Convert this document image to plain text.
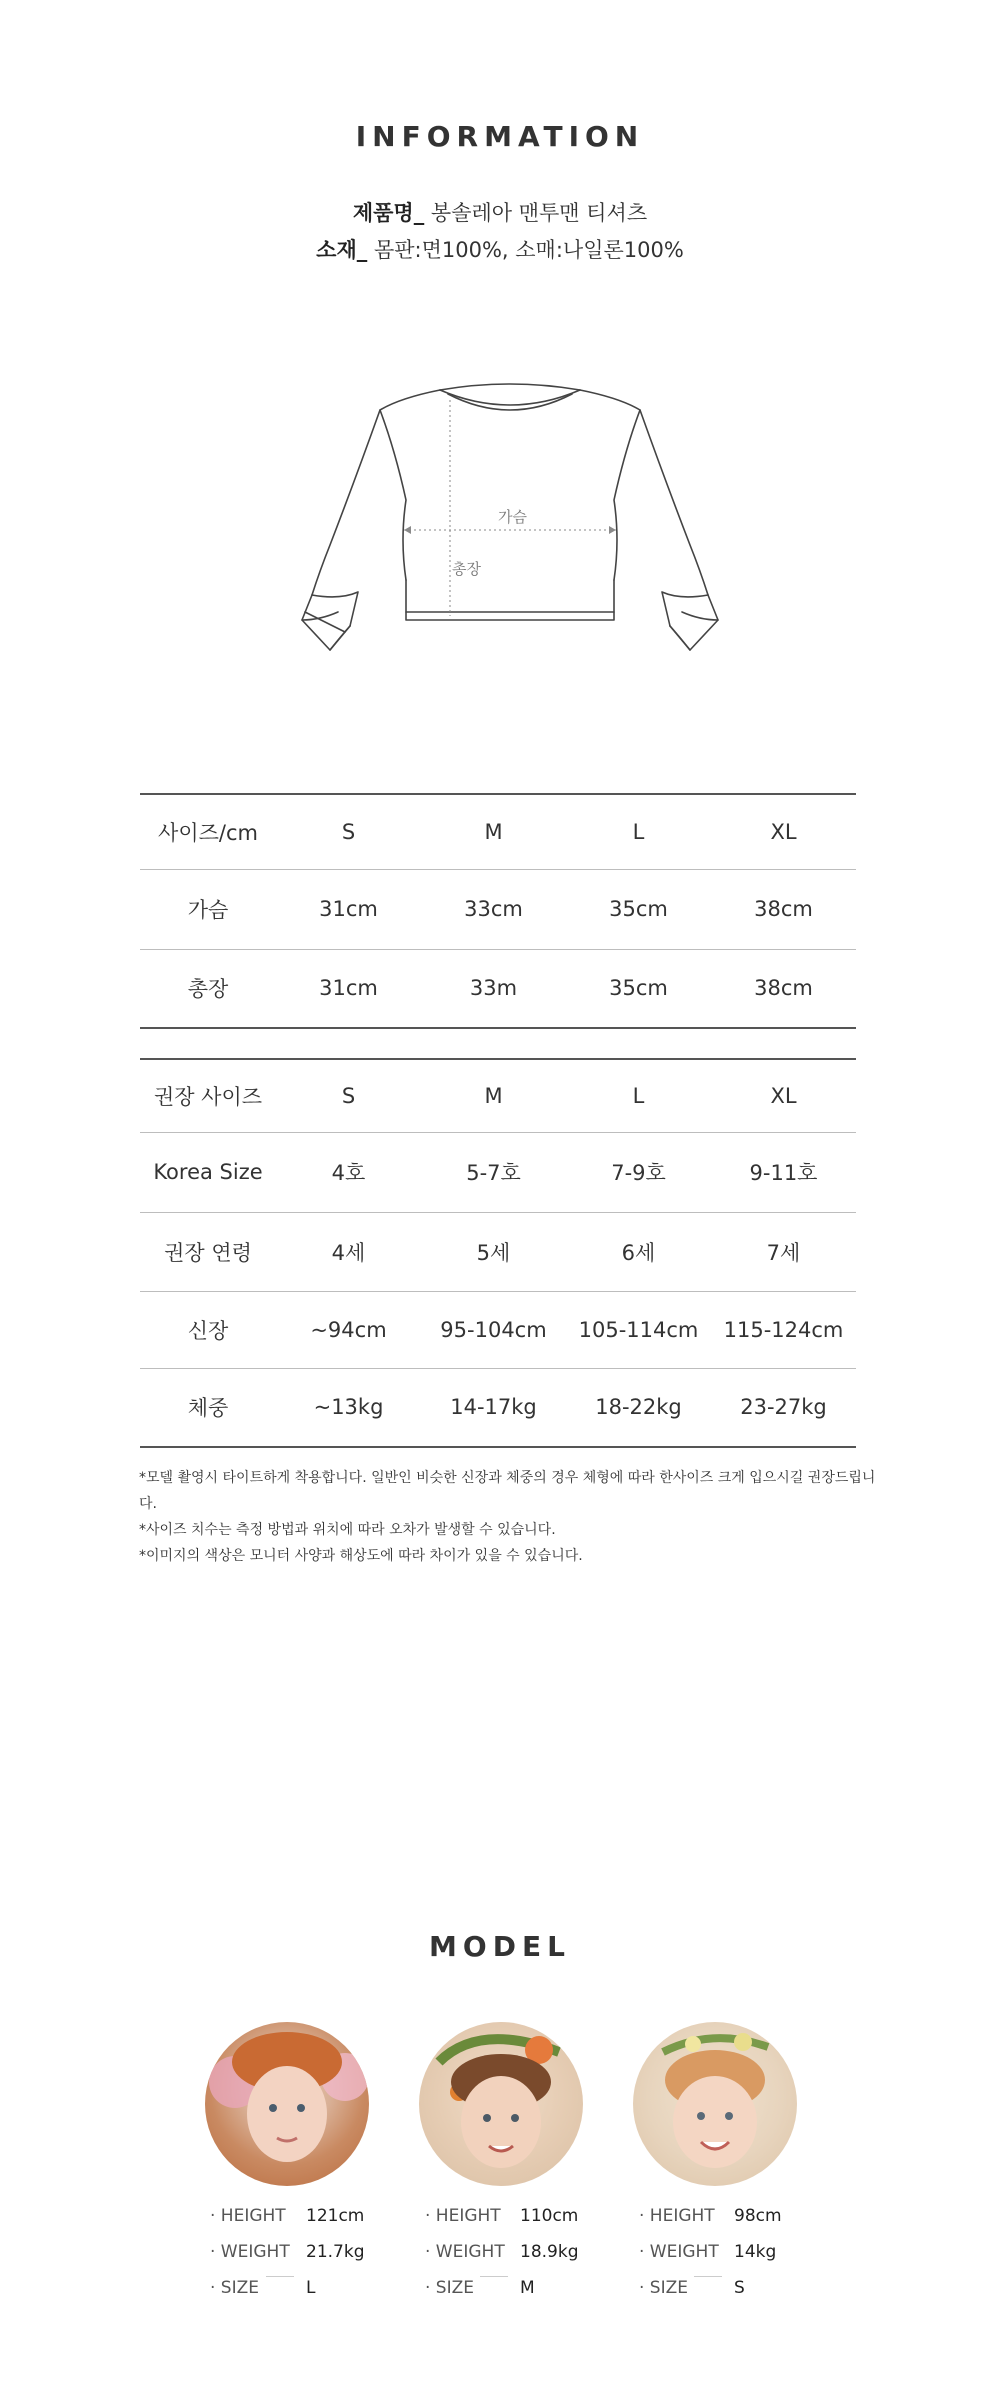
INFORMATION
제품명_ 봉솔레아 맨투맨 티셔츠
소재_ 몸판:면100%, 소매:나일론100%
가슴
총장
사이즈/cm	S	M	L	XL
가슴	31cm	33cm	35cm	38cm
총장	31cm	33m	35cm	38cm
권장 사이즈	S	M	L	XL
Korea Size	4호	5-7호	7-9호	9-11호
권장 연령	4세	5세	6세	7세
신장	~94cm	95-104cm	105-114cm	115-124cm
체중	~13kg	14-17kg	18-22kg	23-27kg
*모델 촬영시 타이트하게 착용합니다. 일반인 비슷한 신장과 체중의 경우 체형에 따라 한사이즈 크게 입으시길 권장드립니다.
*사이즈 치수는 측정 방법과 위치에 따라 오차가 발생할 수 있습니다.
*이미지의 색상은 모니터 사양과 해상도에 따라 차이가 있을 수 있습니다.
MODEL
· HEIGHT 121cm
· WEIGHT 21.7kg
· SIZE	L
· HEIGHT 110cm
· WEIGHT 18.9kg
· SIZE	M
· HEIGHT 98cm
· WEIGHT 14kg
· SIZE	S
